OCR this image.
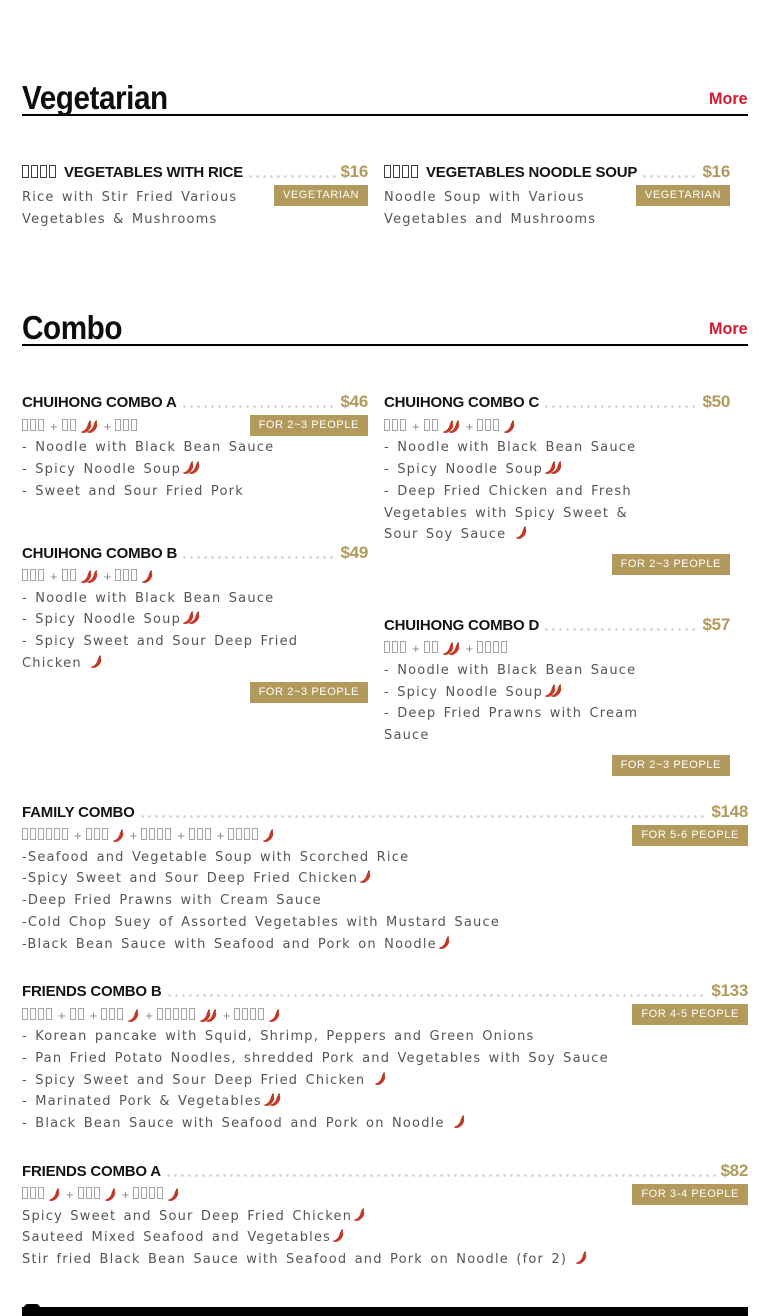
Vegetarian	More
VEGETABLES WITH RICE	$16
Rice with Stir Fried Various
Vegetables & Mushrooms
VEGETARIAN
VEGETABLES NOODLE SOUP	$16
Noodle Soup with Various
Vegetables and Mushrooms
VEGETARIAN
Combo	More
CHUIHONG COMBO A	$46
+	+
- Noodle with Black Bean Sauce
- Spicy Noodle Soup
- Sweet and Sour Fried Pork
FOR 2~3 PEOPLE
CHUIHONG COMBO B	$49
+	+
- Noodle with Black Bean Sauce
- Spicy Noodle Soup
- Spicy Sweet and Sour Deep Fried
Chicken
FOR 2~3 PEOPLE
CHUIHONG COMBO C	$50
+	+
- Noodle with Black Bean Sauce
- Spicy Noodle Soup
- Deep Fried Chicken and Fresh
Vegetables with Spicy Sweet &
Sour Soy Sauce
FOR 2~3 PEOPLE
CHUIHONG COMBO D	$57
+	+
- Noodle with Black Bean Sauce
- Spicy Noodle Soup
- Deep Fried Prawns with Cream
Sauce
FOR 2~3 PEOPLE
FAMILY COMBO	$148
+	+	+ +
-Seafood and Vegetable Soup with Scorched Rice
-Spicy Sweet and Sour Deep Fried Chicken
-Deep Fried Prawns with Cream Sauce
-Cold Chop Suey of Assorted Vegetables with Mustard Sauce
-Black Bean Sauce with Seafood and Pork on Noodle
FOR 5-6 PEOPLE
FRIENDS COMBO B	$133
+ +	+	+
- Korean pancake with Squid, Shrimp, Peppers and Green Onions
- Pan Fried Potato Noodles, shredded Pork and Vegetables with Soy Sauce
- Spicy Sweet and Sour Deep Fried Chicken
- Marinated Pork & Vegetables
- Black Bean Sauce with Seafood and Pork on Noodle
FOR 4-5 PEOPLE
FRIENDS COMBO A	$82
+	+
Spicy Sweet and Sour Deep Fried Chicken
Sauteed Mixed Seafood and Vegetables
Stir fried Black Bean Sauce with Seafood and Pork on Noodle (for 2)
FOR 3-4 PEOPLE
